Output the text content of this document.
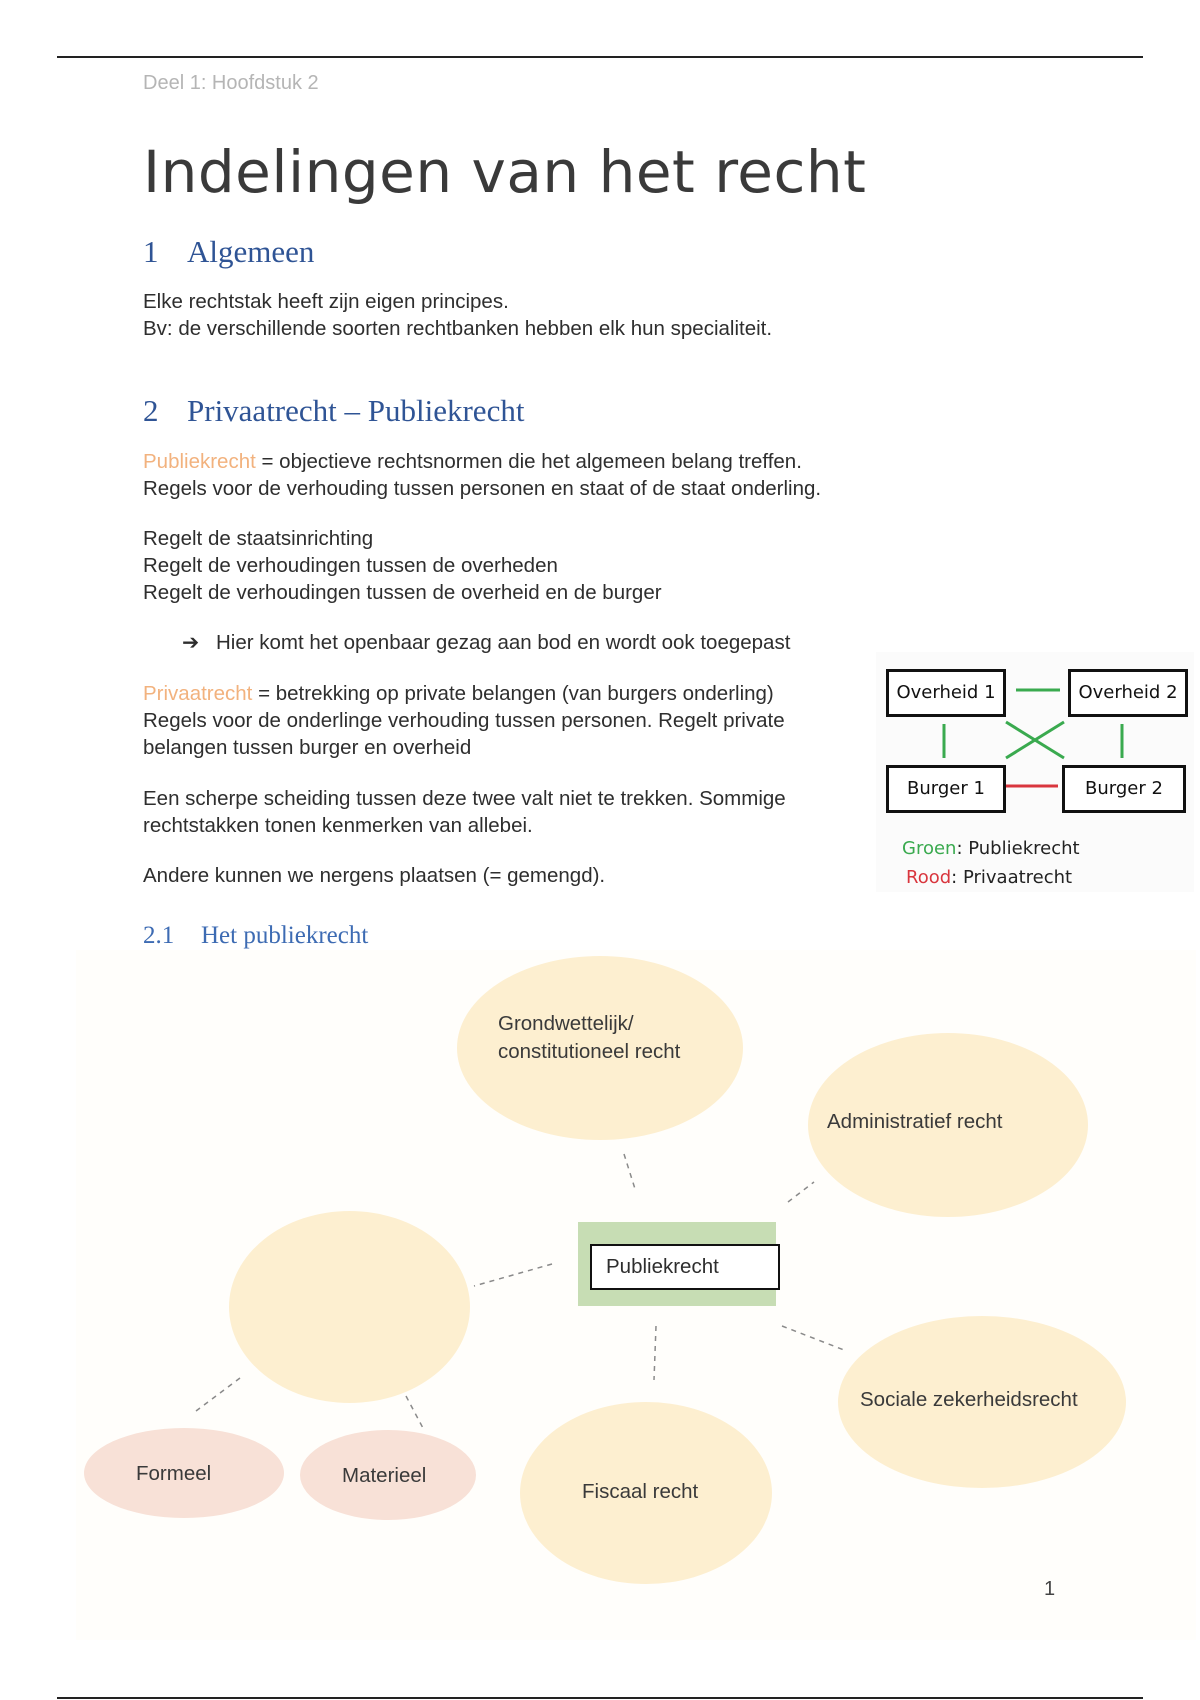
Deel 1: Hoofdstuk 2
Indelingen van het recht
1 Algemeen
Elke rechtstak heeft zijn eigen principes.
Bv: de verschillende soorten rechtbanken hebben elk hun specialiteit.
2 Privaatrecht – Publiekrecht
Publiekrecht = objectieve rechtsnormen die het algemeen belang treffen.
Regels voor de verhouding tussen personen en staat of de staat onderling.
Regelt de staatsinrichting
Regelt de verhoudingen tussen de overheden
Regelt de verhoudingen tussen de overheid en de burger
➔ Hier komt het openbaar gezag aan bod en wordt ook toegepast
Privaatrecht = betrekking op private belangen (van burgers onderling)
Regels voor de onderlinge verhouding tussen personen. Regelt private
belangen tussen burger en overheid
Een scherpe scheiding tussen deze twee valt niet te trekken. Sommige
rechtstakken tonen kenmerken van allebei.
Andere kunnen we nergens plaatsen (= gemengd).
Overheid 1	Overheid 2
Burger 1	Burger 2
Groen: Publiekrecht
Rood: Privaatrecht
2.1 Het publiekrecht
Grondwettelijk/
constitutioneel recht
Administratief recht
Publiekrecht
Sociale zekerheidsrecht
Fiscaal recht
Formeel	Materieel
1
